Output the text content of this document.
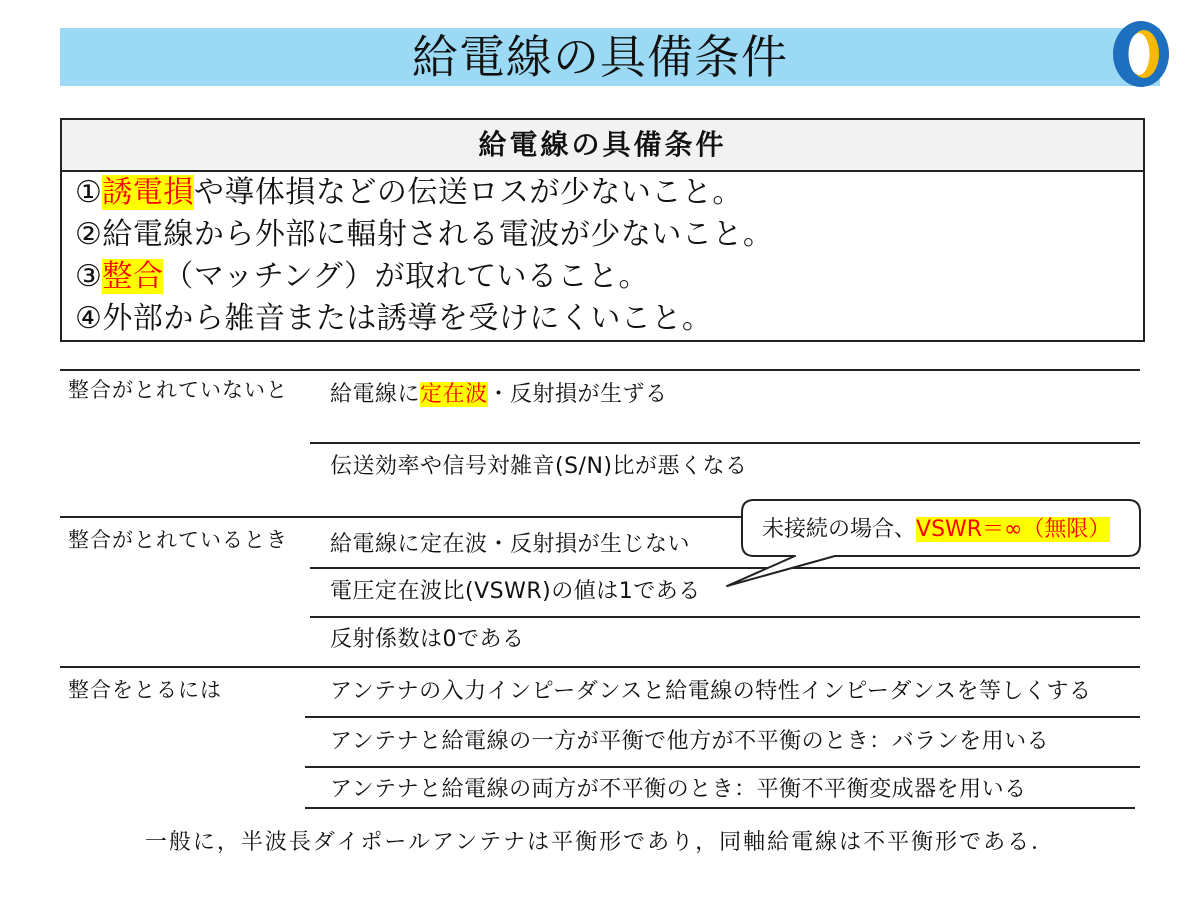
給電線の具備条件
給電線の具備条件
①誘電損や導体損などの伝送ロスが少ないこと。
②給電線から外部に輻射される電波が少ないこと。
③整合（マッチング）が取れていること。
④外部から雑音または誘導を受けにくいこと。
整合がとれていないと 給電線に定在波・反射損が生ずる
伝送効率や信号対雑音(S/N)比が悪くなる
整合がとれているとき 給電線に定在波・反射損が生じない
電圧定在波比(VSWR)の値は1である
反射係数は0である
整合をとるには	アンテナの入力インピーダンスと給電線の特性インピーダンスを等しくする
アンテナと給電線の一方が平衡で他方が不平衡のとき：バランを用いる
アンテナと給電線の両方が不平衡のとき：平衡不平衡変成器を用いる
未接続の場合、VSWR＝∞（無限）
一般に，半波長ダイポールアンテナは平衡形であり，同軸給電線は不平衡形である．
